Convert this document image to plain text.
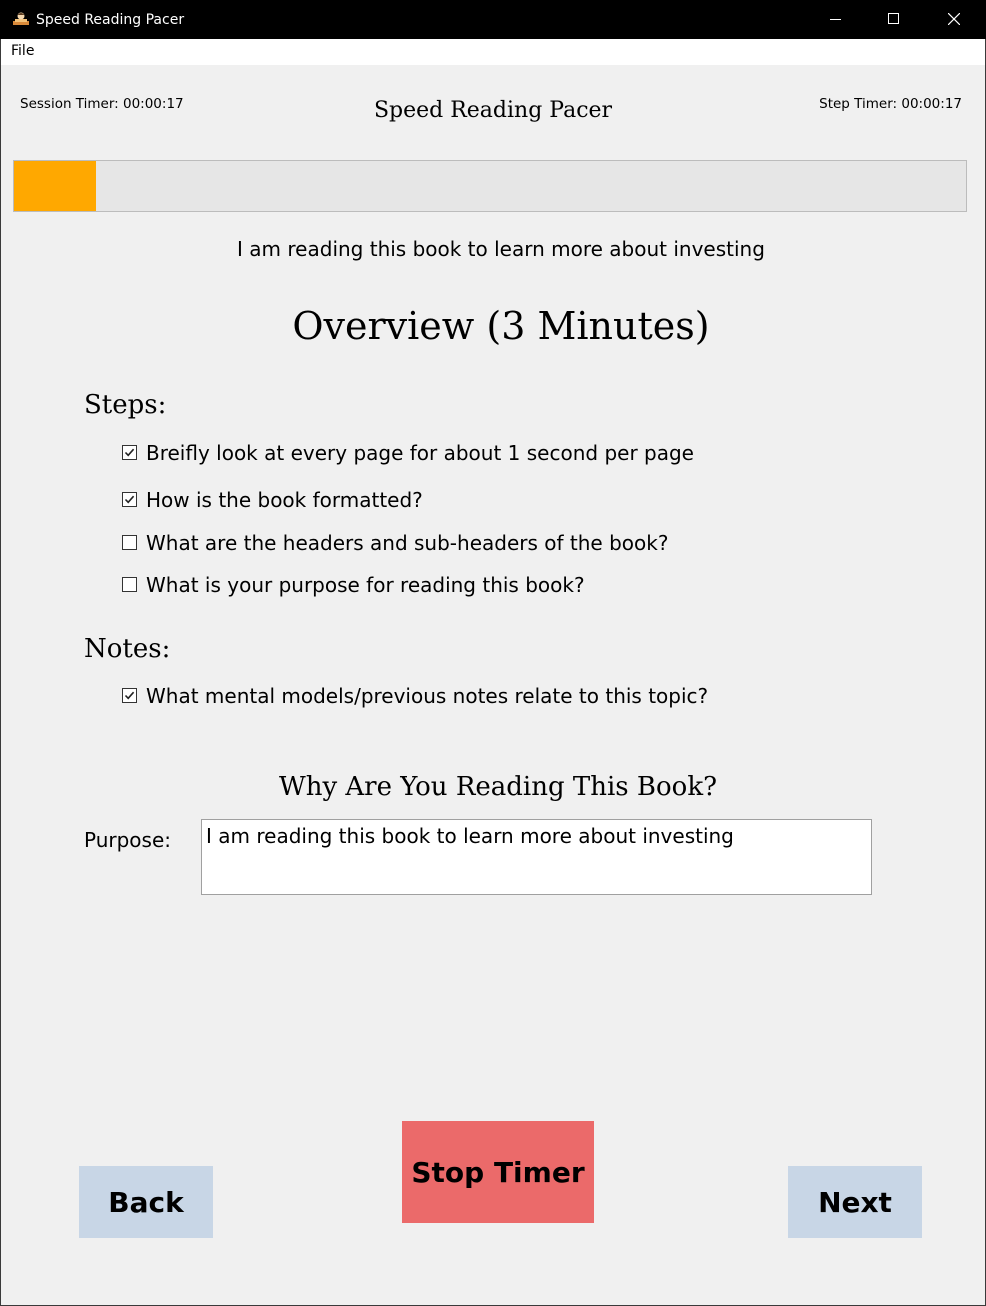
Speed Reading Pacer
File
Session Timer: 00:00:17	Speed Reading Pacer	Step Timer: 00:00:17
I am reading this book to learn more about investing
Overview (3 Minutes)
Steps:
Breifly look at every page for about 1 second per page
How is the book formatted?
What are the headers and sub-headers of the book?
What is your purpose for reading this book?
Notes:
What mental models/previous notes relate to this topic?
Why Are You Reading This Book?
Purpose: I am reading this book to learn more about investing
Back
Stop Timer
Next
